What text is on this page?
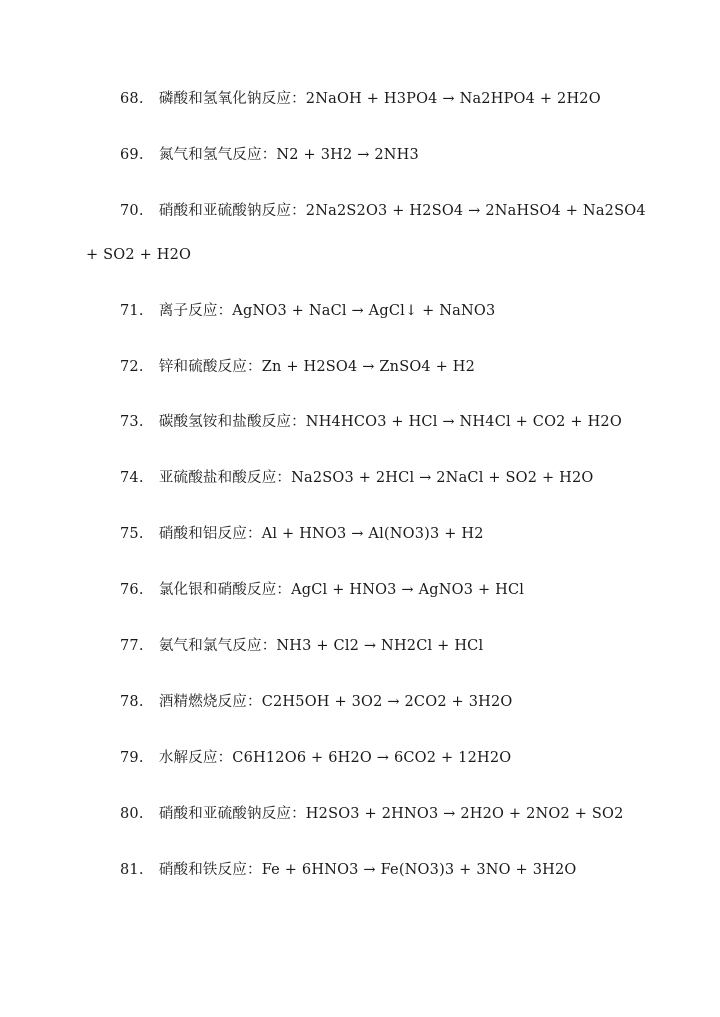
68. 磷酸和氢氧化钠反应：2NaOH + H3PO4 → Na2HPO4 + 2H2O
69. 氮气和氢气反应：N2 + 3H2 → 2NH3
70. 硝酸和亚硫酸钠反应：2Na2S2O3 + H2SO4 → 2NaHSO4 + Na2SO4
+ SO2 + H2O
71. 离子反应：AgNO3 + NaCl → AgCl↓ + NaNO3
72. 锌和硫酸反应：Zn + H2SO4 → ZnSO4 + H2
73. 碳酸氢铵和盐酸反应：NH4HCO3 + HCl → NH4Cl + CO2 + H2O
74. 亚硫酸盐和酸反应：Na2SO3 + 2HCl → 2NaCl + SO2 + H2O
75. 硝酸和铝反应：Al + HNO3 → Al(NO3)3 + H2
76. 氯化银和硝酸反应：AgCl + HNO3 → AgNO3 + HCl
77. 氨气和氯气反应：NH3 + Cl2 → NH2Cl + HCl
78. 酒精燃烧反应：C2H5OH + 3O2 → 2CO2 + 3H2O
79. 水解反应：C6H12O6 + 6H2O → 6CO2 + 12H2O
80. 硝酸和亚硫酸钠反应：H2SO3 + 2HNO3 → 2H2O + 2NO2 + SO2
81. 硝酸和铁反应：Fe + 6HNO3 → Fe(NO3)3 + 3NO + 3H2O
